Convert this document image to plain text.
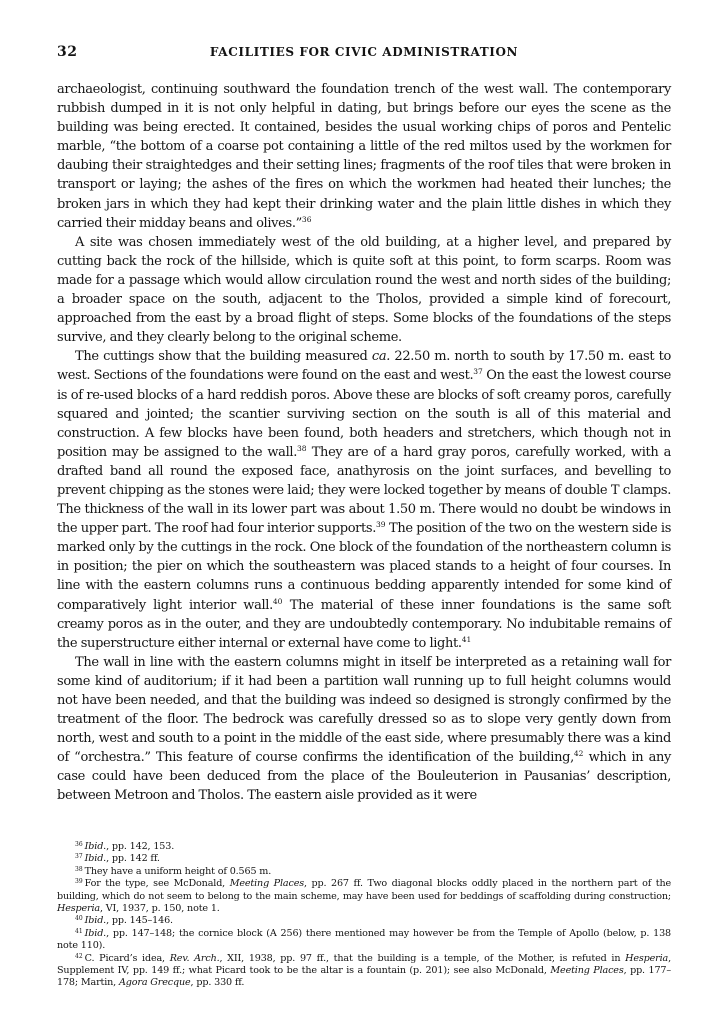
32	FACILITIES FOR CIVIC ADMINISTRATION

archaeologist, continuing southward the foundation trench of the west wall. The contemporary rubbish dumped in it is not only helpful in dating, but brings before our eyes the scene as the building was being erected. It contained, besides the usual working chips of poros and Pentelic marble, “the bottom of a coarse pot containing a little of the red miltos used by the workmen for daubing their straightedges and their setting lines; fragments of the roof tiles that were broken in transport or laying; the ashes of the fires on which the workmen had heated their lunches; the broken jars in which they had kept their drinking water and the plain little dishes in which they carried their midday beans and olives.”$^{36}$

A site was chosen immediately west of the old building, at a higher level, and prepared by cutting back the rock of the hillside, which is quite soft at this point, to form scarps. Room was made for a passage which would allow circulation round the west and north sides of the building; a broader space on the south, adjacent to the Tholos, provided a simple kind of forecourt, approached from the east by a broad flight of steps. Some blocks of the foundations of the steps survive, and they clearly belong to the original scheme.

The cuttings show that the building measured ca. 22.50 m. north to south by 17.50 m. east to west. Sections of the foundations were found on the east and west.$^{37}$ On the east the lowest course is of re-used blocks of a hard reddish poros. Above these are blocks of soft creamy poros, carefully squared and jointed; the scantier surviving section on the south is all of this material and construction. A few blocks have been found, both headers and stretchers, which though not in position may be assigned to the wall.$^{38}$ They are of a hard gray poros, carefully worked, with a drafted band all round the exposed face, anathyrosis on the joint surfaces, and bevelling to prevent chipping as the stones were laid; they were locked together by means of double T clamps. The thickness of the wall in its lower part was about 1.50 m. There would no doubt be windows in the upper part. The roof had four interior supports.$^{39}$ The position of the two on the western side is marked only by the cuttings in the rock. One block of the foundation of the northeastern column is in position; the pier on which the southeastern was placed stands to a height of four courses. In line with the eastern columns runs a continuous bedding apparently intended for some kind of comparatively light interior wall.$^{40}$ The material of these inner foundations is the same soft creamy poros as in the outer, and they are undoubtedly contemporary. No indubitable remains of the superstructure either internal or external have come to light.$^{41}$

The wall in line with the eastern columns might in itself be interpreted as a retaining wall for some kind of auditorium; if it had been a partition wall running up to full height columns would not have been needed, and that the building was indeed so designed is strongly confirmed by the treatment of the floor. The bedrock was carefully dressed so as to slope very gently down from north, west and south to a point in the middle of the east side, where presumably there was a kind of “orchestra.” This feature of course confirms the identification of the building,$^{42}$ which in any case could have been deduced from the place of the Bouleuterion in Pausanias’ description, between Metroon and Tholos. The eastern aisle provided as it were

$^{36}$ Ibid., pp. 142, 153.

$^{37}$ Ibid., pp. 142 ff.

$^{38}$ They have a uniform height of 0.565 m.

$^{39}$ For the type, see McDonald, Meeting Places, pp. 267 ff. Two diagonal blocks oddly placed in the northern part of the building, which do not seem to belong to the main scheme, may have been used for beddings of scaffolding during construction; Hesperia, VI, 1937, p. 150, note 1.

$^{40}$ Ibid., pp. 145–146.

$^{41}$ Ibid., pp. 147–148; the cornice block (A 256) there mentioned may however be from the Temple of Apollo (below, p. 138 note 110).

$^{42}$ C. Picard’s idea, Rev. Arch., XII, 1938, pp. 97 ff., that the building is a temple, of the Mother, is refuted in Hesperia, Supplement IV, pp. 149 ff.; what Picard took to be the altar is a fountain (p. 201); see also McDonald, Meeting Places, pp. 177–178; Martin, Agora Grecque, pp. 330 ff.
